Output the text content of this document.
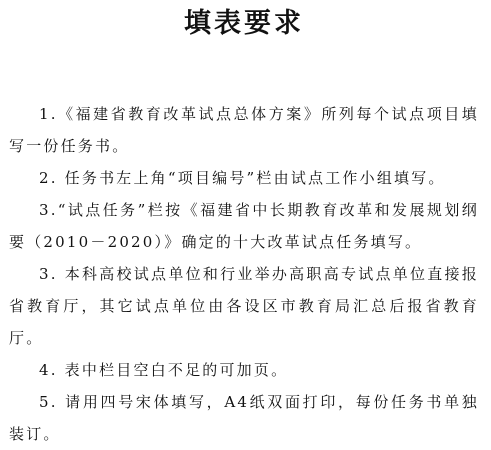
填表要求

1.《福建省教育改革试点总体方案》所列每个试点项目填写一份任务书。

2. 任务书左上角“项目编号”栏由试点工作小组填写。

3.“试点任务”栏按《福建省中长期教育改革和发展规划纲要（2010－2020）》确定的十大改革试点任务填写。

3. 本科高校试点单位和行业举办高职高专试点单位直接报省教育厅，其它试点单位由各设区市教育局汇总后报省教育厅。

4. 表中栏目空白不足的可加页。

5. 请用四号宋体填写，A4纸双面打印，每份任务书单独装订。
